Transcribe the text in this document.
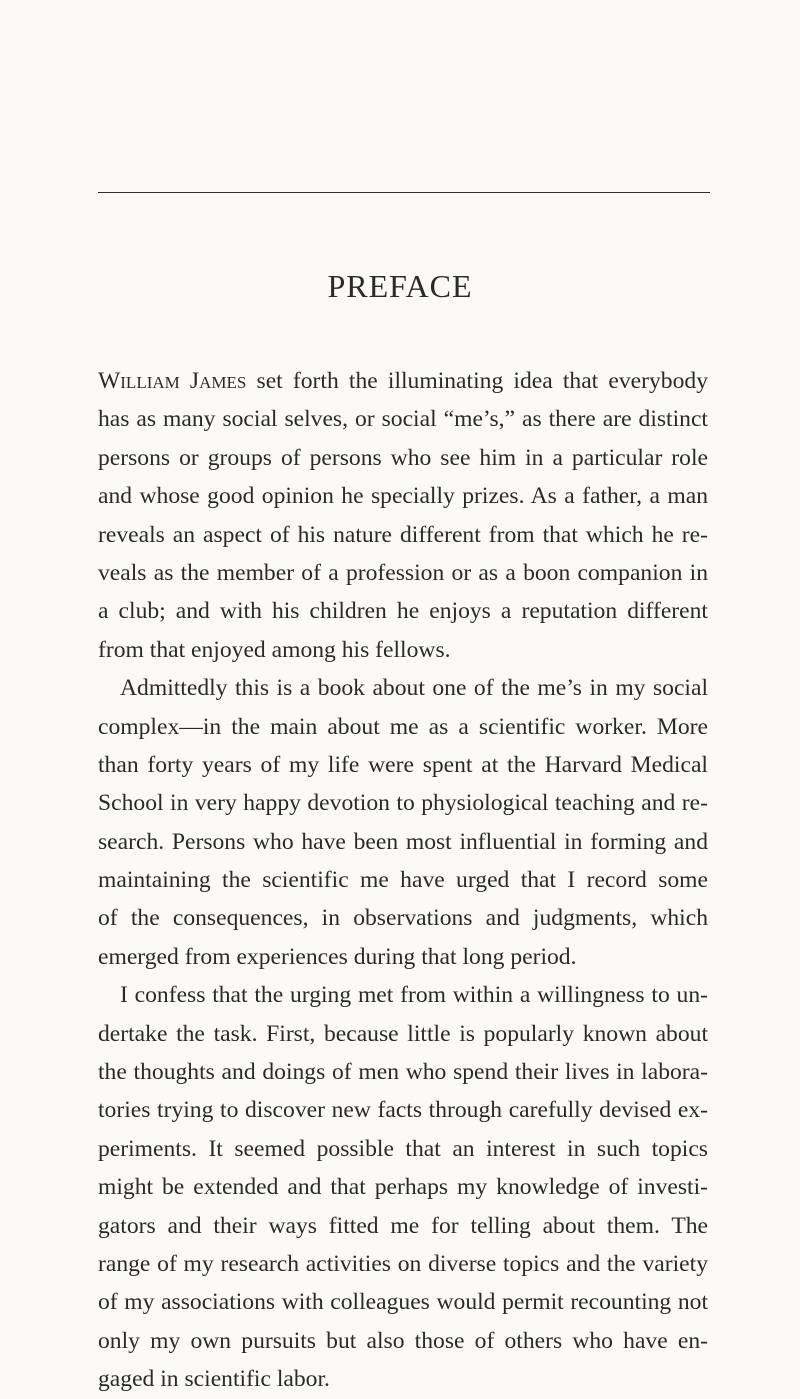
PREFACE
William James set forth the illuminating idea that everybody
has as many social selves, or social “me’s,” as there are distinct
persons or groups of persons who see him in a particular role
and whose good opinion he specially prizes. As a father, a man
reveals an aspect of his nature different from that which he re-
veals as the member of a profession or as a boon companion in
a club; and with his children he enjoys a reputation different
from that enjoyed among his fellows.
Admittedly this is a book about one of the me’s in my social
complex—in the main about me as a scientific worker. More
than forty years of my life were spent at the Harvard Medical
School in very happy devotion to physiological teaching and re-
search. Persons who have been most influential in forming and
maintaining the scientific me have urged that I record some
of the consequences, in observations and judgments, which
emerged from experiences during that long period.
I confess that the urging met from within a willingness to un-
dertake the task. First, because little is popularly known about
the thoughts and doings of men who spend their lives in labora-
tories trying to discover new facts through carefully devised ex-
periments. It seemed possible that an interest in such topics
might be extended and that perhaps my knowledge of investi-
gators and their ways fitted me for telling about them. The
range of my research activities on diverse topics and the variety
of my associations with colleagues would permit recounting not
only my own pursuits but also those of others who have en-
gaged in scientific labor.
